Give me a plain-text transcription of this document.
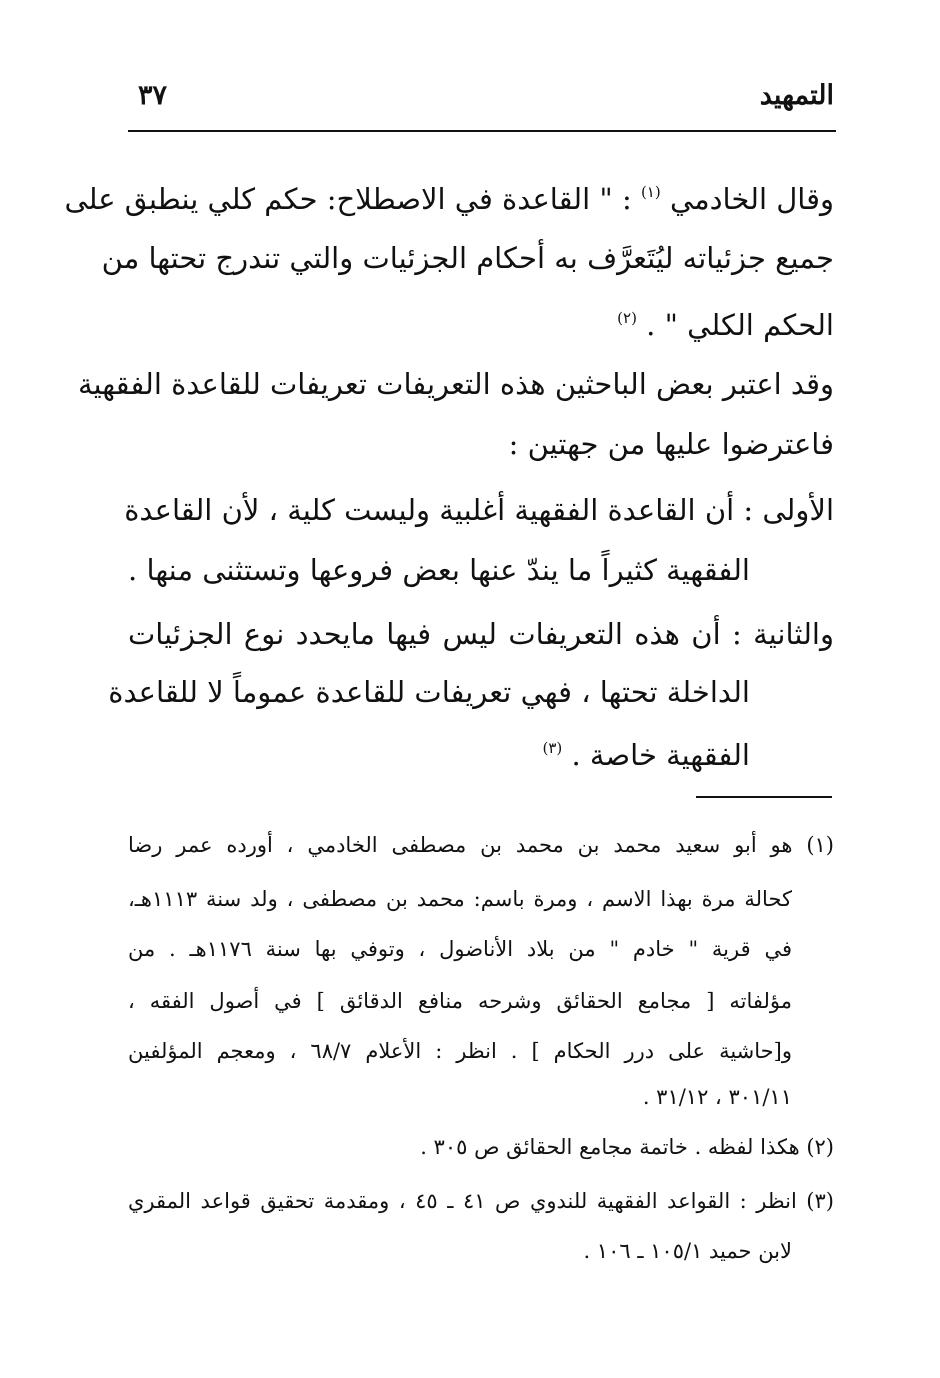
التمهيد
٣٧
وقال الخادمي $^{(١)}$ : " القاعدة في الاصطلاح: حكم كلي ينطبق على
جميع جزئياته ليُتَعرَّف به أحكام الجزئيات والتي تندرج تحتها من
الحكم الكلي " . $^{(٢)}$
وقد اعتبر بعض الباحثين هذه التعريفات تعريفات للقاعدة الفقهية
فاعترضوا عليها من جهتين :
الأولى : أن القاعدة الفقهية أغلبية وليست كلية ، لأن القاعدة
الفقهية كثيراً ما يندّ عنها بعض فروعها وتستثنى منها .
والثانية : أن هذه التعريفات ليس فيها مايحدد نوع الجزئيات
الداخلة تحتها ، فهي تعريفات للقاعدة عموماً لا للقاعدة
الفقهية خاصة . $^{(٣)}$
(١) هو أبو سعيد محمد بن محمد بن مصطفى الخادمي ، أورده عمر رضا
كحالة مرة بهذا الاسم ، ومرة باسم: محمد بن مصطفى ، ولد سنة ١١١٣هـ،
في قرية " خادم " من بلاد الأناضول ، وتوفي بها سنة ١١٧٦هـ . من
مؤلفاته [ مجامع الحقائق وشرحه منافع الدقائق ] في أصول الفقه ،
و[حاشية على درر الحكام ] . انظر : الأعلام ٦٨/٧ ، ومعجم المؤلفين
٣٠١/١١ ، ٣١/١٢ .
(٢) هكذا لفظه . خاتمة مجامع الحقائق ص ٣٠٥ .
(٣) انظر : القواعد الفقهية للندوي ص ٤١ ـ ٤٥ ، ومقدمة تحقيق قواعد المقري
لابن حميد ١٠٥/١ ـ ١٠٦ .
